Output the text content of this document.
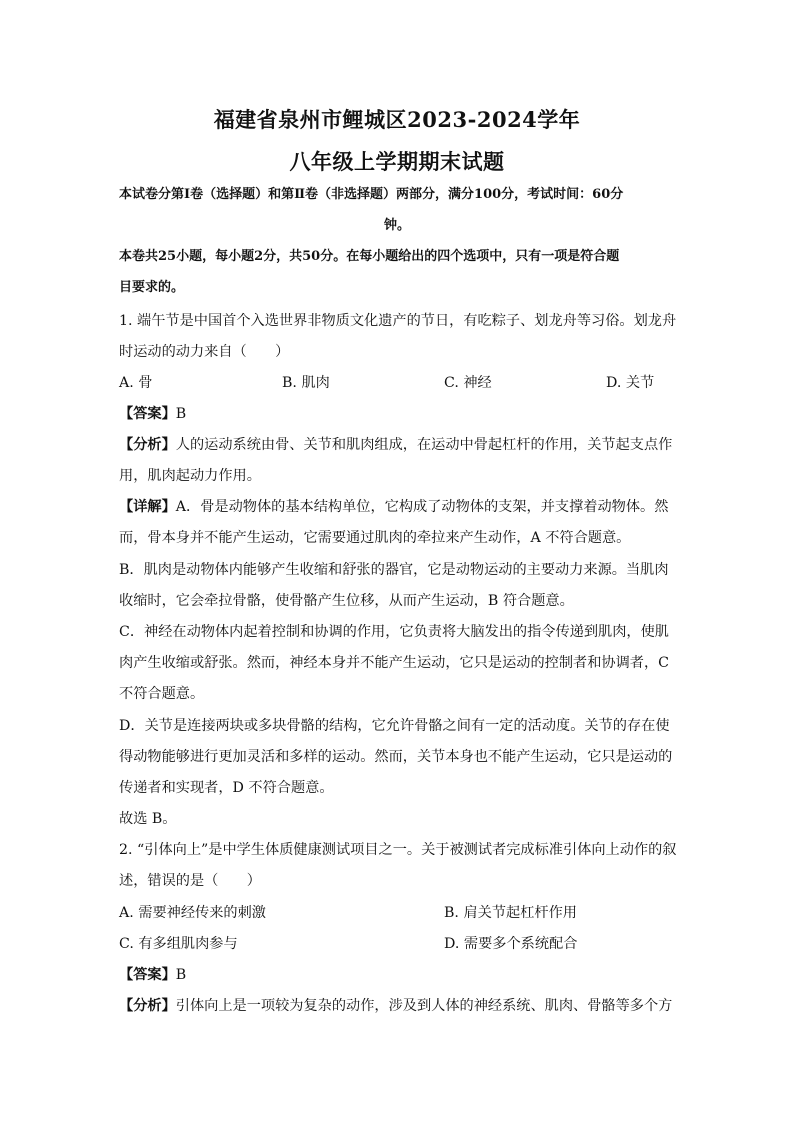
福建省泉州市鲤城区2023-2024学年
八年级上学期期末试题
本试卷分第Ⅰ卷（选择题）和第Ⅱ卷（非选择题）两部分，满分100分，考试时间：60分
钟。
本卷共25小题，每小题2分，共50分。在每小题给出的四个选项中，只有一项是符合题
目要求的。
1. 端午节是中国首个入选世界非物质文化遗产的节日，有吃粽子、划龙舟等习俗。划龙舟
时运动的动力来自（　　）
A. 骨	B. 肌肉	C. 神经	D. 关节
【答案】B
【分析】人的运动系统由骨、关节和肌肉组成，在运动中骨起杠杆的作用，关节起支点作
用，肌肉起动力作用。
【详解】A．骨是动物体的基本结构单位，它构成了动物体的支架，并支撑着动物体。然
而，骨本身并不能产生运动，它需要通过肌肉的牵拉来产生动作，A 不符合题意。
B．肌肉是动物体内能够产生收缩和舒张的器官，它是动物运动的主要动力来源。当肌肉
收缩时，它会牵拉骨骼，使骨骼产生位移，从而产生运动，B 符合题意。
C．神经在动物体内起着控制和协调的作用，它负责将大脑发出的指令传递到肌肉，使肌
肉产生收缩或舒张。然而，神经本身并不能产生运动，它只是运动的控制者和协调者，C
不符合题意。
D．关节是连接两块或多块骨骼的结构，它允许骨骼之间有一定的活动度。关节的存在使
得动物能够进行更加灵活和多样的运动。然而，关节本身也不能产生运动，它只是运动的
传递者和实现者，D 不符合题意。
故选 B。
2. “引体向上”是中学生体质健康测试项目之一。关于被测试者完成标准引体向上动作的叙
述，错误的是（　　）
A. 需要神经传来的刺激	B. 肩关节起杠杆作用
C. 有多组肌肉参与	D. 需要多个系统配合
【答案】B
【分析】引体向上是一项较为复杂的动作，涉及到人体的神经系统、肌肉、骨骼等多个方
